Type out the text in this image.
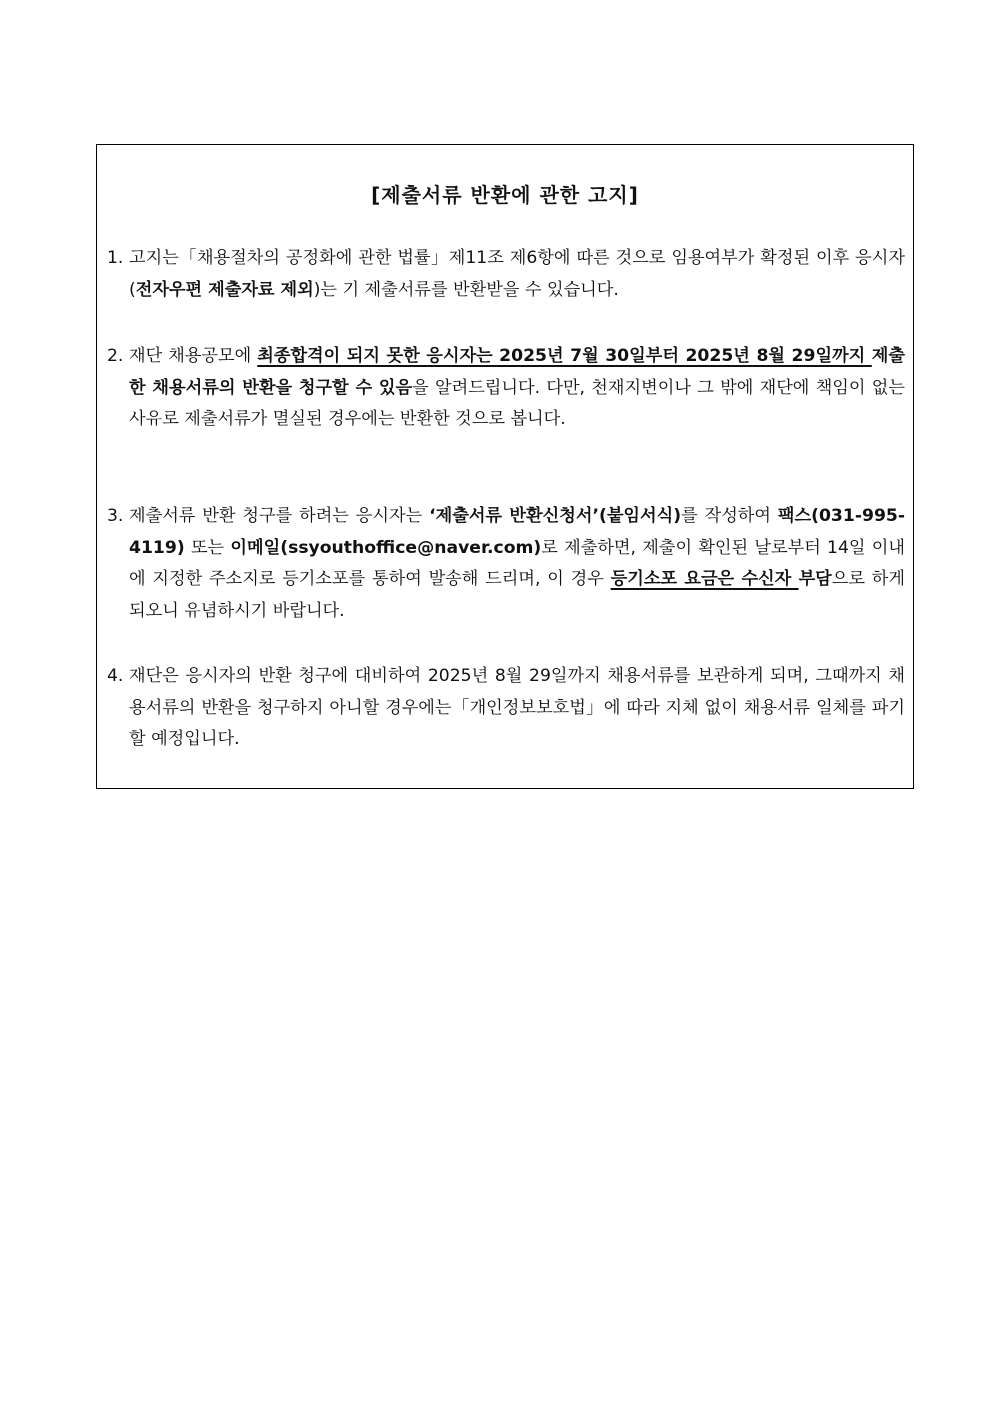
[제출서류 반환에 관한 고지]
1. 고지는「채용절차의 공정화에 관한 법률」제11조 제6항에 따른 것으로 임용여부가 확정된 이후 응시자(전자우편 제출자료 제외)는 기 제출서류를 반환받을 수 있습니다.
2. 재단 채용공모에 최종합격이 되지 못한 응시자는 2025년 7월 30일부터 2025년 8월 29일까지 제출한 채용서류의 반환을 청구할 수 있음을 알려드립니다. 다만, 천재지변이나 그 밖에 재단에 책임이 없는 사유로 제출서류가 멸실된 경우에는 반환한 것으로 봅니다.
3. 제출서류 반환 청구를 하려는 응시자는 ‘제출서류 반환신청서’(붙임서식)를 작성하여 팩스(031-995-4119) 또는 이메일(ssyouthoffice@naver.com)로 제출하면, 제출이 확인된 날로부터 14일 이내에 지정한 주소지로 등기소포를 통하여 발송해 드리며, 이 경우 등기소포 요금은 수신자 부담으로 하게 되오니 유념하시기 바랍니다.
4. 재단은 응시자의 반환 청구에 대비하여 2025년 8월 29일까지 채용서류를 보관하게 되며, 그때까지 채용서류의 반환을 청구하지 아니할 경우에는「개인정보보호법」에 따라 지체 없이 채용서류 일체를 파기할 예정입니다.
